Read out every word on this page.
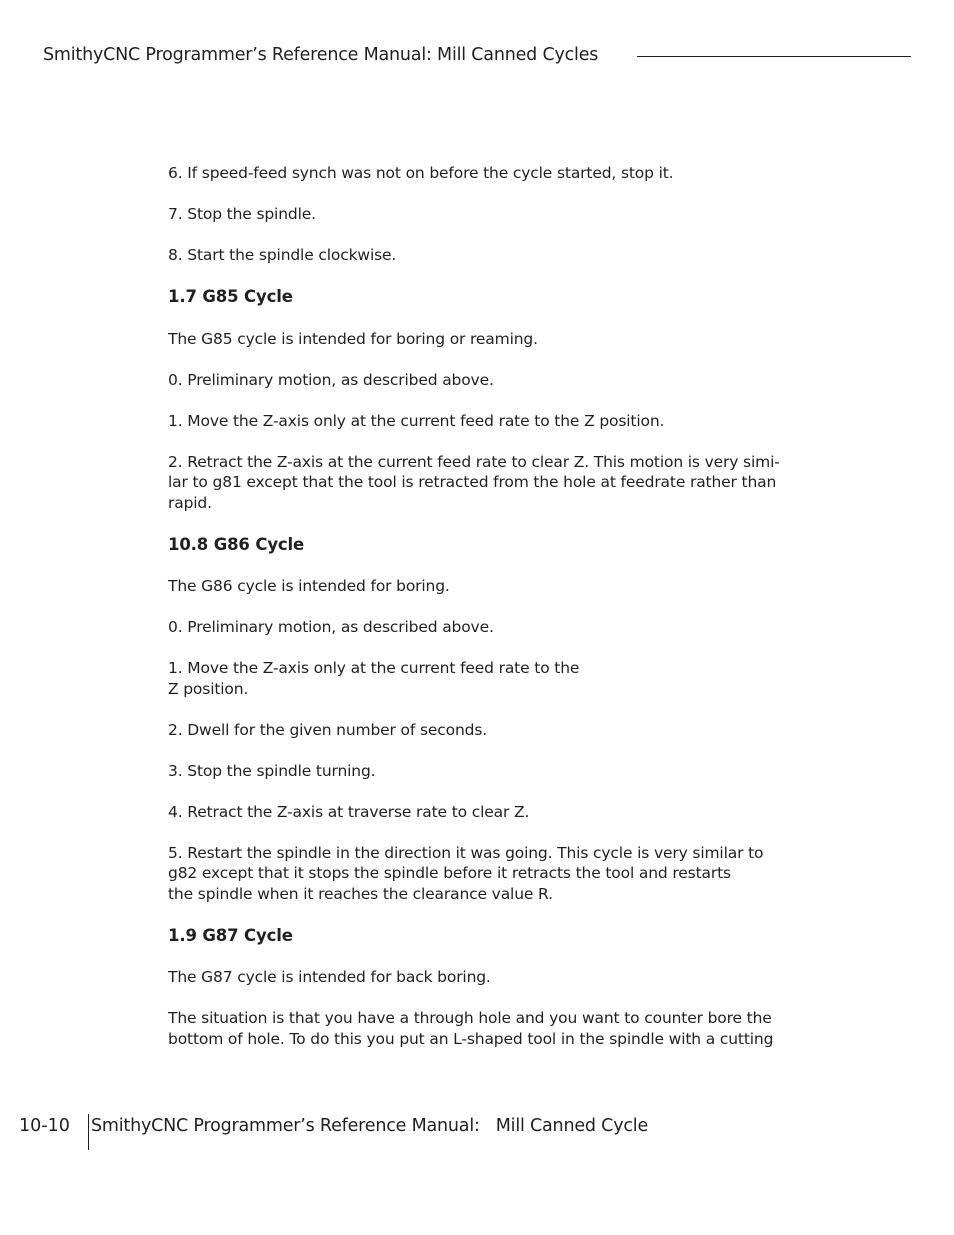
SmithyCNC Programmer’s Reference Manual: Mill Canned Cycles

6. If speed-feed synch was not on before the cycle started, stop it.

7. Stop the spindle.

8. Start the spindle clockwise.

1.7 G85 Cycle

The G85 cycle is intended for boring or reaming.

0. Preliminary motion, as described above.

1. Move the Z-axis only at the current feed rate to the Z position.

2. Retract the Z-axis at the current feed rate to clear Z. This motion is very simi-
lar to g81 except that the tool is retracted from the hole at feedrate rather than
rapid.

10.8 G86 Cycle

The G86 cycle is intended for boring.

0. Preliminary motion, as described above.

1. Move the Z-axis only at the current feed rate to the
Z position.

2. Dwell for the given number of seconds.

3. Stop the spindle turning.

4. Retract the Z-axis at traverse rate to clear Z.

5. Restart the spindle in the direction it was going. This cycle is very similar to
g82 except that it stops the spindle before it retracts the tool and restarts
the spindle when it reaches the clearance value R.

1.9 G87 Cycle

The G87 cycle is intended for back boring.

The situation is that you have a through hole and you want to counter bore the
bottom of hole. To do this you put an L-shaped tool in the spindle with a cutting

10-10 SmithyCNC Programmer’s Reference Manual:   Mill Canned Cycle
